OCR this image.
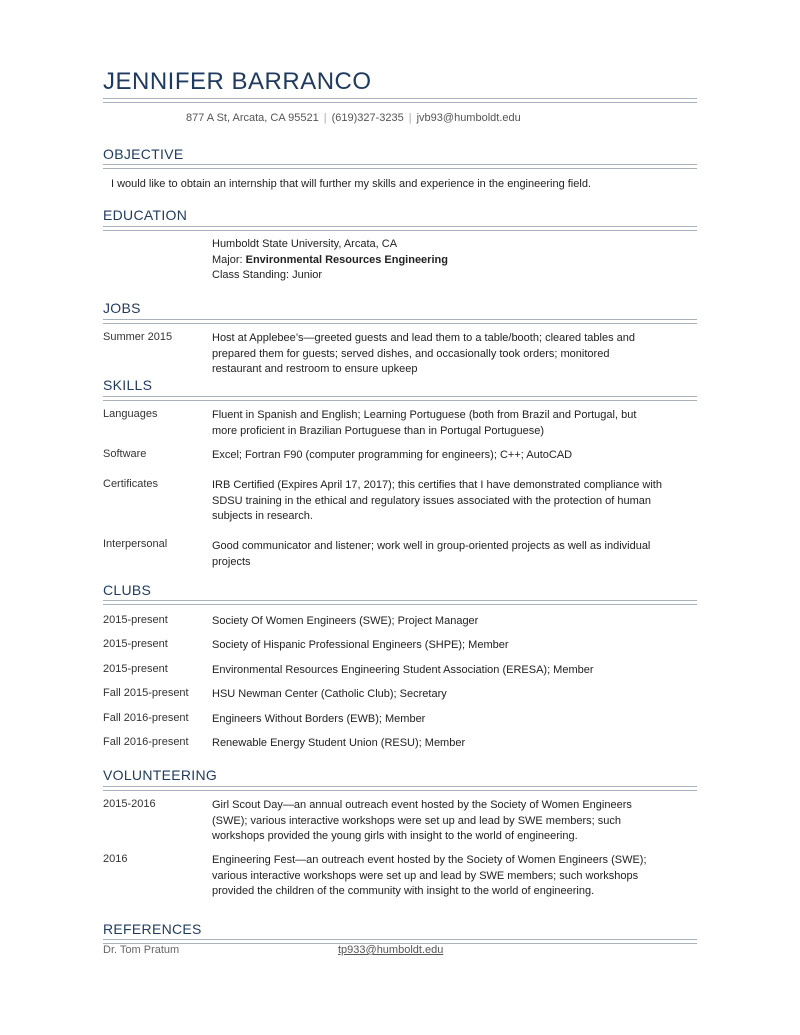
JENNIFER BARRANCO
877 A St, Arcata, CA 95521 | (619)327-3235 | jvb93@humboldt.edu
OBJECTIVE
I would like to obtain an internship that will further my skills and experience in the engineering field.
EDUCATION
Humboldt State University, Arcata, CA
Major: Environmental Resources Engineering
Class Standing: Junior
JOBS
Summer 2015	Host at Applebee’s—greeted guests and lead them to a table/booth; cleared tables and prepared them for guests; served dishes, and occasionally took orders; monitored restaurant and restroom to ensure upkeep
SKILLS
Languages	Fluent in Spanish and English; Learning Portuguese (both from Brazil and Portugal, but more proficient in Brazilian Portuguese than in Portugal Portuguese)
Software	Excel; Fortran F90 (computer programming for engineers); C++; AutoCAD
Certificates	IRB Certified (Expires April 17, 2017); this certifies that I have demonstrated compliance with SDSU training in the ethical and regulatory issues associated with the protection of human subjects in research.
Interpersonal	Good communicator and listener; work well in group-oriented projects as well as individual projects
CLUBS
2015-present	Society Of Women Engineers (SWE); Project Manager
2015-present	Society of Hispanic Professional Engineers (SHPE); Member
2015-present	Environmental Resources Engineering Student Association (ERESA); Member
Fall 2015-present HSU Newman Center (Catholic Club); Secretary
Fall 2016-present Engineers Without Borders (EWB); Member
Fall 2016-present Renewable Energy Student Union (RESU); Member
VOLUNTEERING
2015-2016	Girl Scout Day—an annual outreach event hosted by the Society of Women Engineers (SWE); various interactive workshops were set up and lead by SWE members; such workshops provided the young girls with insight to the world of engineering.
2016	Engineering Fest—an outreach event hosted by the Society of Women Engineers (SWE); various interactive workshops were set up and lead by SWE members; such workshops provided the children of the community with insight to the world of engineering.
REFERENCES
Dr. Tom Pratum	tp933@humboldt.edu
